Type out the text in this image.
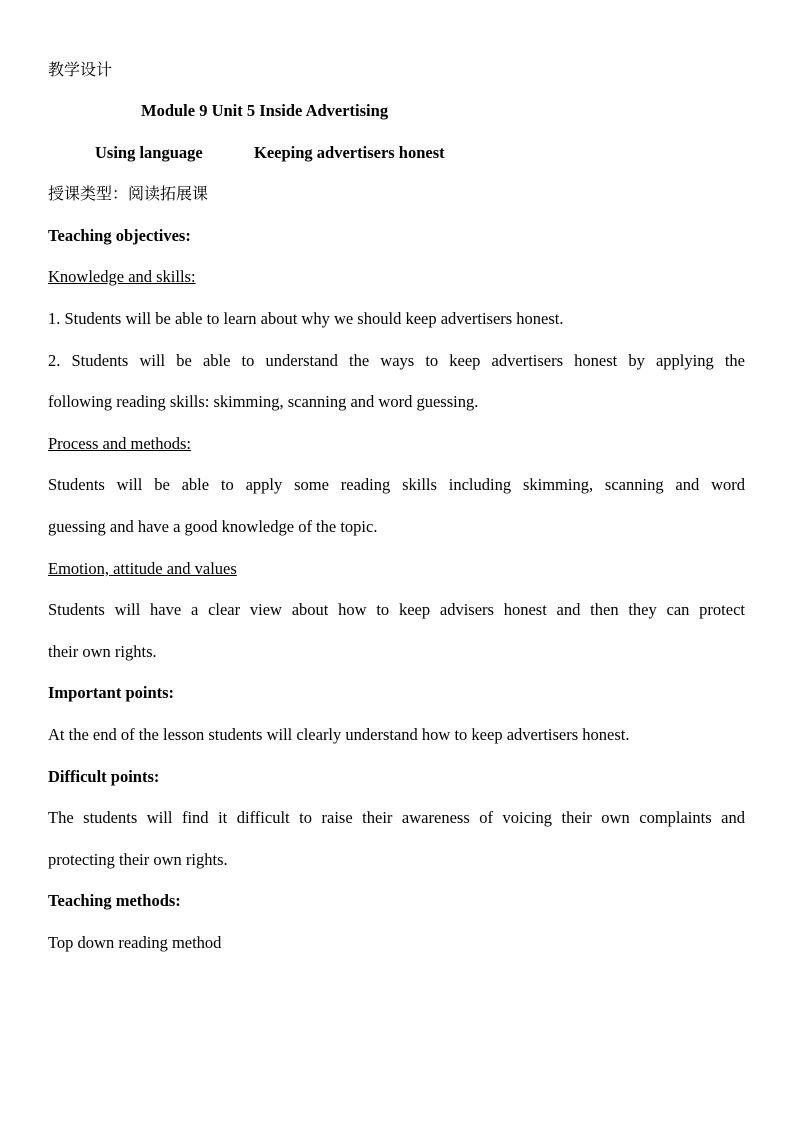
教学设计
Module 9 Unit 5 Inside Advertising
Using language	Keeping advertisers honest
授课类型：阅读拓展课
Teaching objectives:
Knowledge and skills:
1. Students will be able to learn about why we should keep advertisers honest.
2. Students will be able to understand the ways to keep advertisers honest by applying the
following reading skills: skimming, scanning and word guessing.
Process and methods:
Students will be able to apply some reading skills including skimming, scanning and word
guessing and have a good knowledge of the topic.
Emotion, attitude and values
Students will have a clear view about how to keep advisers honest and then they can protect
their own rights.
Important points:
At the end of the lesson students will clearly understand how to keep advertisers honest.
Difficult points:
The students will find it difficult to raise their awareness of voicing their own complaints and
protecting their own rights.
Teaching methods:
Top down reading method
